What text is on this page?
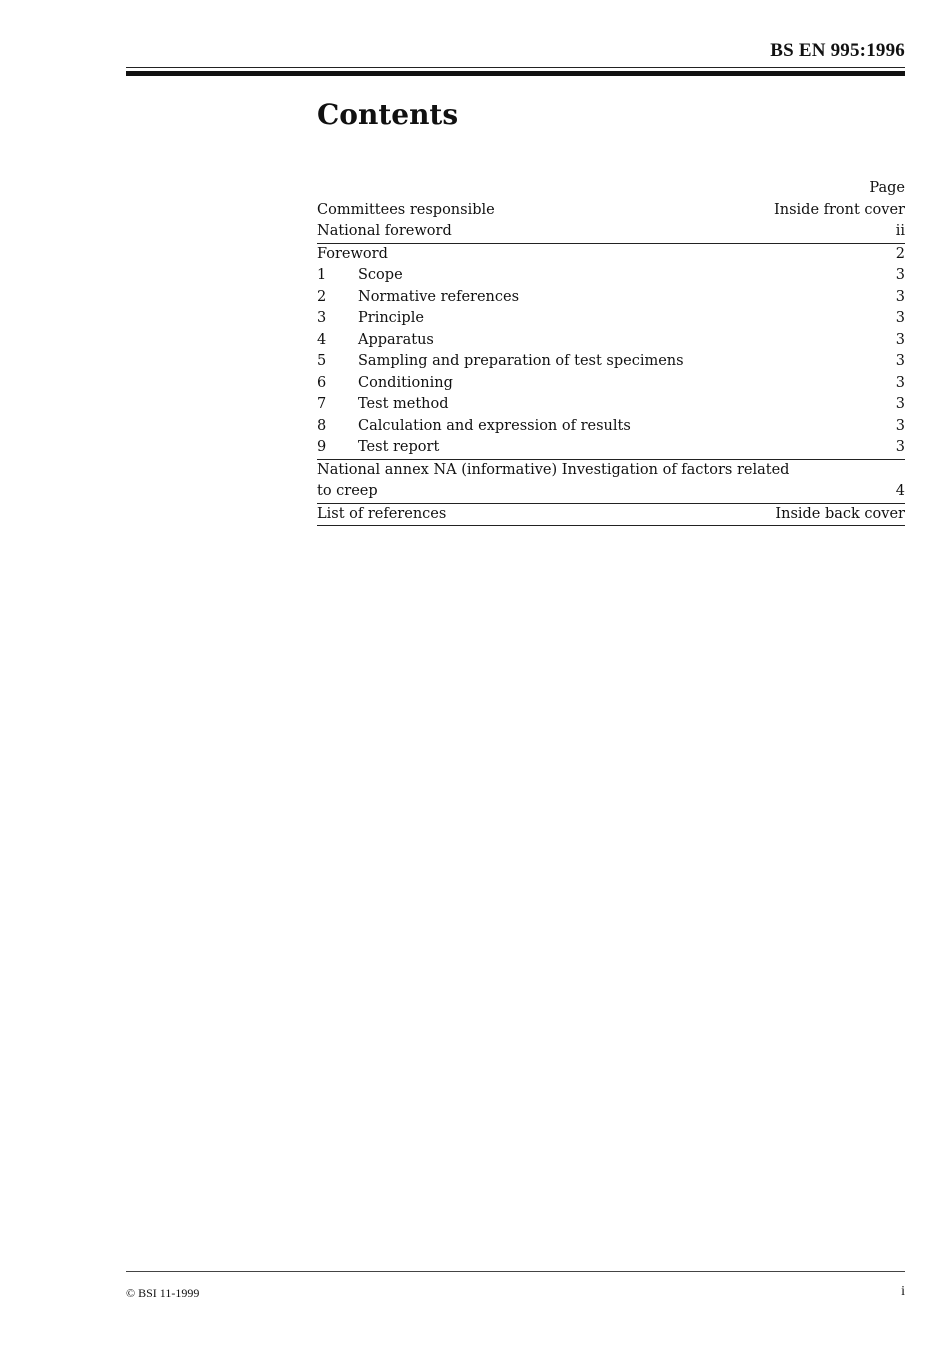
BS EN 995:1996
Contents
Page
Committees responsible	Inside front cover
National foreword	ii
Foreword	2
1	Scope	3
2	Normative references	3
3	Principle	3
4	Apparatus	3
5	Sampling and preparation of test specimens	3
6	Conditioning	3
7	Test method	3
8	Calculation and expression of results	3
9	Test report	3
National annex NA (informative) Investigation of factors related to creep	4
List of references	Inside back cover
© BSI 11-1999	i
